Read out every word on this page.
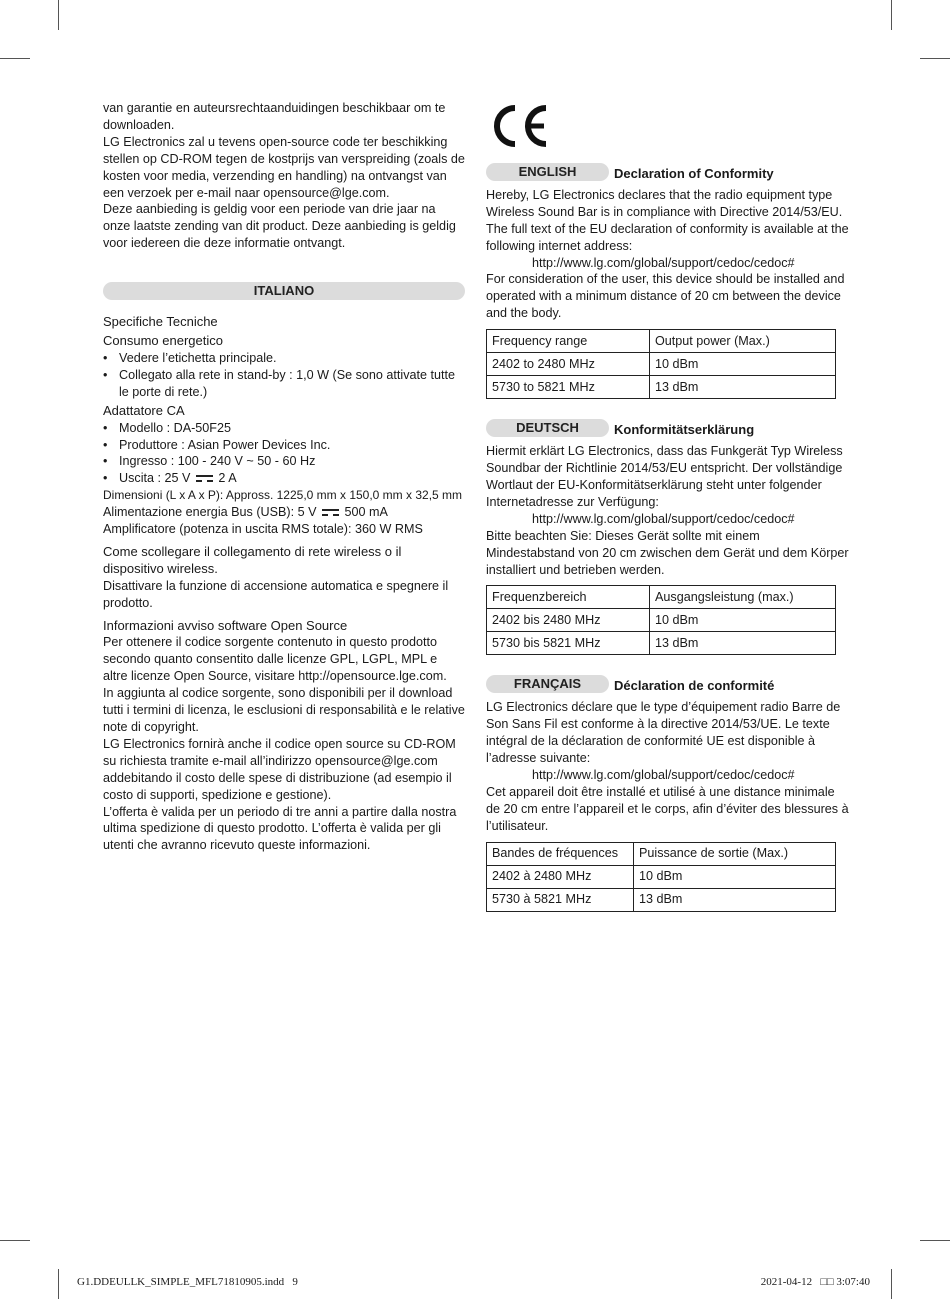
van garantie en auteursrechtaanduidingen beschikbaar om te downloaden.

LG Electronics zal u tevens open-source code ter beschikking stellen op CD-ROM tegen de kostprijs van verspreiding (zoals de kosten voor media, verzending en handling) na ontvangst van een verzoek per e-mail naar opensource@lge.com.

Deze aanbieding is geldig voor een periode van drie jaar na onze laatste zending van dit product. Deze aanbieding is geldig voor iedereen die deze informatie ontvangt.

ITALIANO

Specifiche Tecniche

Consumo energetico

• Vedere l’etichetta principale.
• Collegato alla rete in stand-by : 1,0 W (Se sono attivate tutte le porte di rete.)

Adattatore CA

• Modello : DA-50F25
• Produttore : Asian Power Devices Inc.
• Ingresso : 100 - 240 V ~ 50 - 60 Hz
• Uscita : 25 V 2 A

Dimensioni (L x A x P): Appross. 1225,0 mm x 150,0 mm x 32,5 mm

Alimentazione energia Bus (USB): 5 V 500 mA

Amplificatore (potenza in uscita RMS totale): 360 W RMS

Come scollegare il collegamento di rete wireless o il dispositivo wireless.

Disattivare la funzione di accensione automatica e spegnere il prodotto.

Informazioni avviso software Open Source

Per ottenere il codice sorgente contenuto in questo prodotto secondo quanto consentito dalle licenze GPL, LGPL, MPL e altre licenze Open Source, visitare http://opensource.lge.com.

In aggiunta al codice sorgente, sono disponibili per il download tutti i termini di licenza, le esclusioni di responsabilità e le relative note di copyright.

LG Electronics fornirà anche il codice open source su CD-ROM su richiesta tramite e-mail all’indirizzo opensource@lge.com addebitando il costo delle spese di distribuzione (ad esempio il costo di supporti, spedizione e gestione).

L’offerta è valida per un periodo di tre anni a partire dalla nostra ultima spedizione di questo prodotto. L’offerta è valida per gli utenti che avranno ricevuto queste informazioni.

ENGLISH	Declaration of Conformity

Hereby, LG Electronics declares that the radio equipment type Wireless Sound Bar is in compliance with Directive 2014/53/EU. The full text of the EU declaration of conformity is available at the following internet address:

http://www.lg.com/global/support/cedoc/cedoc#

For consideration of the user, this device should be installed and operated with a minimum distance of 20 cm between the device and the body.

Frequency range	Output power (Max.)
2402 to 2480 MHz	10 dBm
5730 to 5821 MHz	13 dBm
DEUTSCH	Konformitätserklärung

Hiermit erklärt LG Electronics, dass das Funkgerät Typ Wireless Soundbar der Richtlinie 2014/53/EU entspricht. Der vollständige Wortlaut der EU-Konformitätserklärung steht unter folgender Internetadresse zur Verfügung:

http://www.lg.com/global/support/cedoc/cedoc#

Bitte beachten Sie: Dieses Gerät sollte mit einem Mindestabstand von 20 cm zwischen dem Gerät und dem Körper installiert und betrieben werden.

Frequenzbereich	Ausgangsleistung (max.)
2402 bis 2480 MHz	10 dBm
5730 bis 5821 MHz	13 dBm
FRANÇAIS	Déclaration de conformité

LG Electronics déclare que le type d’équipement radio Barre de Son Sans Fil est conforme à la directive 2014/53/UE. Le texte intégral de la déclaration de conformité UE est disponible à l’adresse suivante:

http://www.lg.com/global/support/cedoc/cedoc#

Cet appareil doit être installé et utilisé à une distance minimale de 20 cm entre l’appareil et le corps, afin d’éviter des blessures à l’utilisateur.

Bandes de fréquences	Puissance de sortie (Max.)
2402 à 2480 MHz	10 dBm
5730 à 5821 MHz	13 dBm
G1.DDEULLK_SIMPLE_MFL71810905.indd   9	2021-04-12   □□ 3:07:40
